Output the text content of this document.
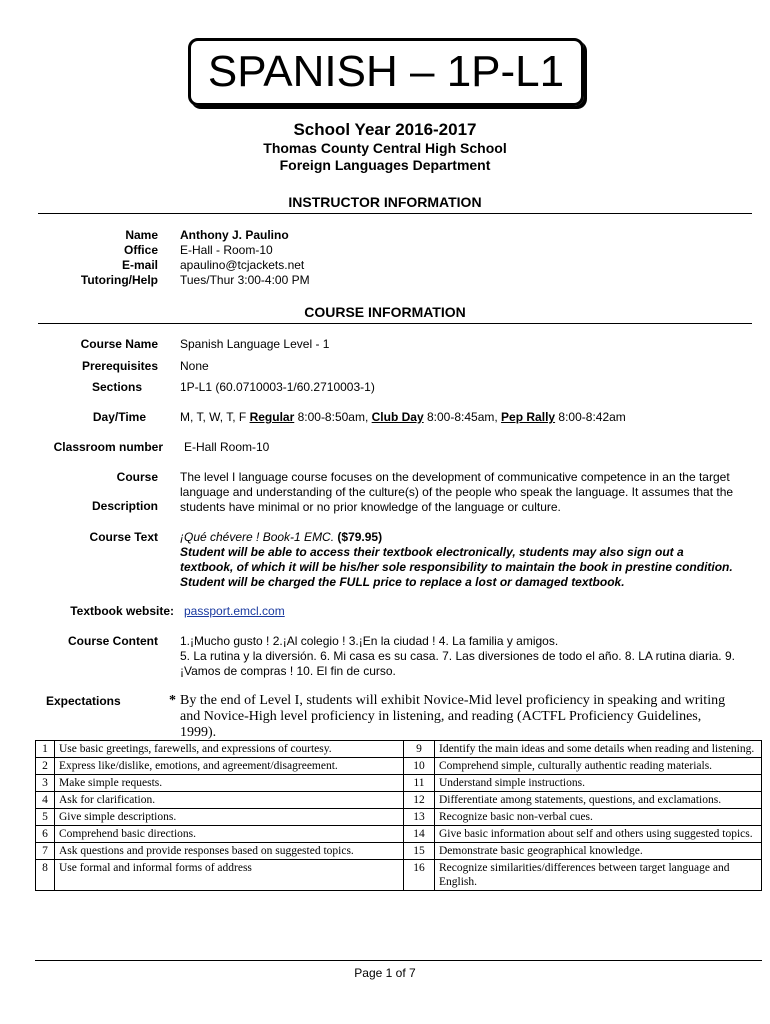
SPANISH – 1P-L1
School Year 2016-2017
Thomas County Central High School
Foreign Languages Department
INSTRUCTOR INFORMATION
Name Anthony J. Paulino
Office E-Hall - Room-10
E-mail apaulino@tcjackets.net
Tutoring/Help Tues/Thur 3:00-4:00 PM
COURSE INFORMATION
Course Name Spanish Language Level - 1
Prerequisites None
Sections	1P-L1 (60.0710003-1/60.2710003-1)
Day/Time	M, T, W, T, F Regular 8:00-8:50am, Club Day 8:00-8:45am, Pep Rally 8:00-8:42am
Classroom number E-Hall Room-10
Course
Description
The level I language course focuses on the development of communicative competence in an the target language and understanding of the culture(s) of the people who speak the language. It assumes that the students have minimal or no prior knowledge of the language or culture.
Course Text ¡Qué chévere ! Book-1 EMC. ($79.95)
Student will be able to access their textbook electronically, students may also sign out a textbook, of which it will be his/her sole responsibility to maintain the book in prestine condition. Student will be charged the FULL price to replace a lost or damaged textbook.
Textbook website: passport.emcl.com
Course Content 1.¡Mucho gusto ! 2.¡Al colegio ! 3.¡En la ciudad ! 4. La familia y amigos.
5. La rutina y la diversión. 6. Mi casa es su casa. 7. Las diversiones de todo el año. 8. LA rutina diaria. 9. ¡Vamos de compras ! 10. El fin de curso.
Expectations	* By the end of Level I, students will exhibit Novice-Mid level proficiency in speaking and writing and Novice-High level proficiency in listening, and reading (ACTFL Proficiency Guidelines, 1999).
1	Use basic greetings, farewells, and expressions of courtesy.	9	Identify the main ideas and some details when reading and listening.
2	Express like/dislike, emotions, and agreement/disagreement.	10	Comprehend simple, culturally authentic reading materials.
3	Make simple requests.	11	Understand simple instructions.
4	Ask for clarification.	12	Differentiate among statements, questions, and exclamations.
5	Give simple descriptions.	13	Recognize basic non-verbal cues.
6	Comprehend basic directions.	14	Give basic information about self and others using suggested topics.
7	Ask questions and provide responses based on suggested topics.	15	Demonstrate basic geographical knowledge.
8	Use formal and informal forms of address	16	Recognize similarities/differences between target language and English.
Page 1 of 7
